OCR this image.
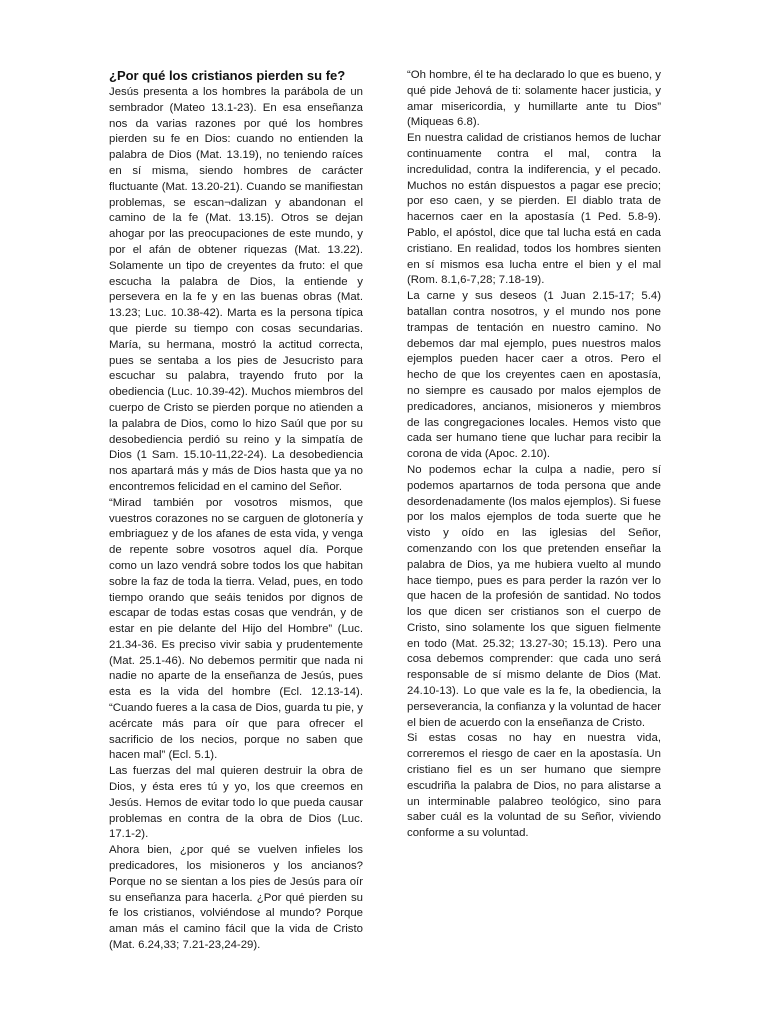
¿Por qué los cristianos pierden su fe?

Jesús presenta a los hombres la parábola de un sembrador (Mateo 13.1-23). En esa enseñanza nos da varias razones por qué los hombres pierden su fe en Dios: cuando no entienden la palabra de Dios (Mat. 13.19), no teniendo raíces en sí misma, siendo hombres de carácter fluctuante (Mat. 13.20-21). Cuando se manifiestan problemas, se escan¬dalizan y abandonan el camino de la fe (Mat. 13.15). Otros se dejan ahogar por las preocupaciones de este mundo, y por el afán de obtener riquezas (Mat. 13.22). Solamente un tipo de creyentes da fruto: el que escucha la palabra de Dios, la entiende y persevera en la fe y en las buenas obras (Mat. 13.23; Luc. 10.38-42). Marta es la persona típica que pierde su tiempo con cosas secundarias. María, su hermana, mostró la actitud correcta, pues se sentaba a los pies de Jesucristo para escuchar su palabra, trayendo fruto por la obediencia (Luc. 10.39-42). Muchos miembros del cuerpo de Cristo se pierden porque no atienden a la palabra de Dios, como lo hizo Saúl que por su desobediencia perdió su reino y la simpatía de Dios (1 Sam. 15.10-11,22-24). La desobediencia nos apartará más y más de Dios hasta que ya no encontremos felicidad en el camino del Señor.

“Mirad también por vosotros mismos, que vuestros corazones no se carguen de glotonería y embriaguez y de los afanes de esta vida, y venga de repente sobre vosotros aquel día. Porque como un lazo vendrá sobre todos los que habitan sobre la faz de toda la tierra. Velad, pues, en todo tiempo orando que seáis tenidos por dignos de escapar de todas estas cosas que vendrán, y de estar en pie delante del Hijo del Hombre” (Luc. 21.34-36. Es preciso vivir sabia y prudentemente (Mat. 25.1-46). No debemos permitir que nada ni nadie no aparte de la enseñanza de Jesús, pues esta es la vida del hombre (Ecl. 12.13-14). “Cuando fueres a la casa de Dios, guarda tu pie, y acércate más para oír que para ofrecer el sacrificio de los necios, porque no saben que hacen mal” (Ecl. 5.1).

Las fuerzas del mal quieren destruir la obra de Dios, y ésta eres tú y yo, los que creemos en Jesús. Hemos de evitar todo lo que pueda causar problemas en contra de la obra de Dios (Luc. 17.1-2).

Ahora bien, ¿por qué se vuelven infieles los predicadores, los misioneros y los ancianos? Porque no se sientan a los pies de Jesús para oír su enseñanza para hacerla. ¿Por qué pierden su fe los cristianos, volviéndose al mundo? Porque aman más el camino fácil que la vida de Cristo (Mat. 6.24,33; 7.21-23,24-29).

“Oh hombre, él te ha declarado lo que es bueno, y qué pide Jehová de ti: solamente hacer justicia, y amar misericordia, y humillarte ante tu Dios” (Miqueas 6.8).

En nuestra calidad de cristianos hemos de luchar continuamente contra el mal, contra la incredulidad, contra la indiferencia, y el pecado. Muchos no están dispuestos a pagar ese precio; por eso caen, y se pierden. El diablo trata de hacernos caer en la apostasía (1 Ped. 5.8-9). Pablo, el apóstol, dice que tal lucha está en cada cristiano. En realidad, todos los hombres sienten en sí mismos esa lucha entre el bien y el mal (Rom. 8.1,6-7,28; 7.18-19).

La carne y sus deseos (1 Juan 2.15-17; 5.4) batallan contra nosotros, y el mundo nos pone trampas de tentación en nuestro camino. No debemos dar mal ejemplo, pues nuestros malos ejemplos pueden hacer caer a otros. Pero el hecho de que los creyentes caen en apostasía, no siempre es causado por malos ejemplos de predicadores, ancianos, misioneros y miembros de las congregaciones locales. Hemos visto que cada ser humano tiene que luchar para recibir la corona de vida (Apoc. 2.10).

No podemos echar la culpa a nadie, pero sí podemos apartarnos de toda persona que ande desordenadamente (los malos ejemplos). Si fuese por los malos ejemplos de toda suerte que he visto y oído en las iglesias del Señor, comenzando con los que pretenden enseñar la palabra de Dios, ya me hubiera vuelto al mundo hace tiempo, pues es para perder la razón ver lo que hacen de la profesión de santidad. No todos los que dicen ser cristianos son el cuerpo de Cristo, sino solamente los que siguen fielmente en todo (Mat. 25.32; 13.27-30; 15.13). Pero una cosa debemos comprender: que cada uno será responsable de sí mismo delante de Dios (Mat. 24.10-13). Lo que vale es la fe, la obediencia, la perseverancia, la confianza y la voluntad de hacer el bien de acuerdo con la enseñanza de Cristo.

Si estas cosas no hay en nuestra vida, correremos el riesgo de caer en la apostasía. Un cristiano fiel es un ser humano que siempre escudriña la palabra de Dios, no para alistarse a un interminable palabreo teológico, sino para saber cuál es la voluntad de su Señor, viviendo conforme a su voluntad.
